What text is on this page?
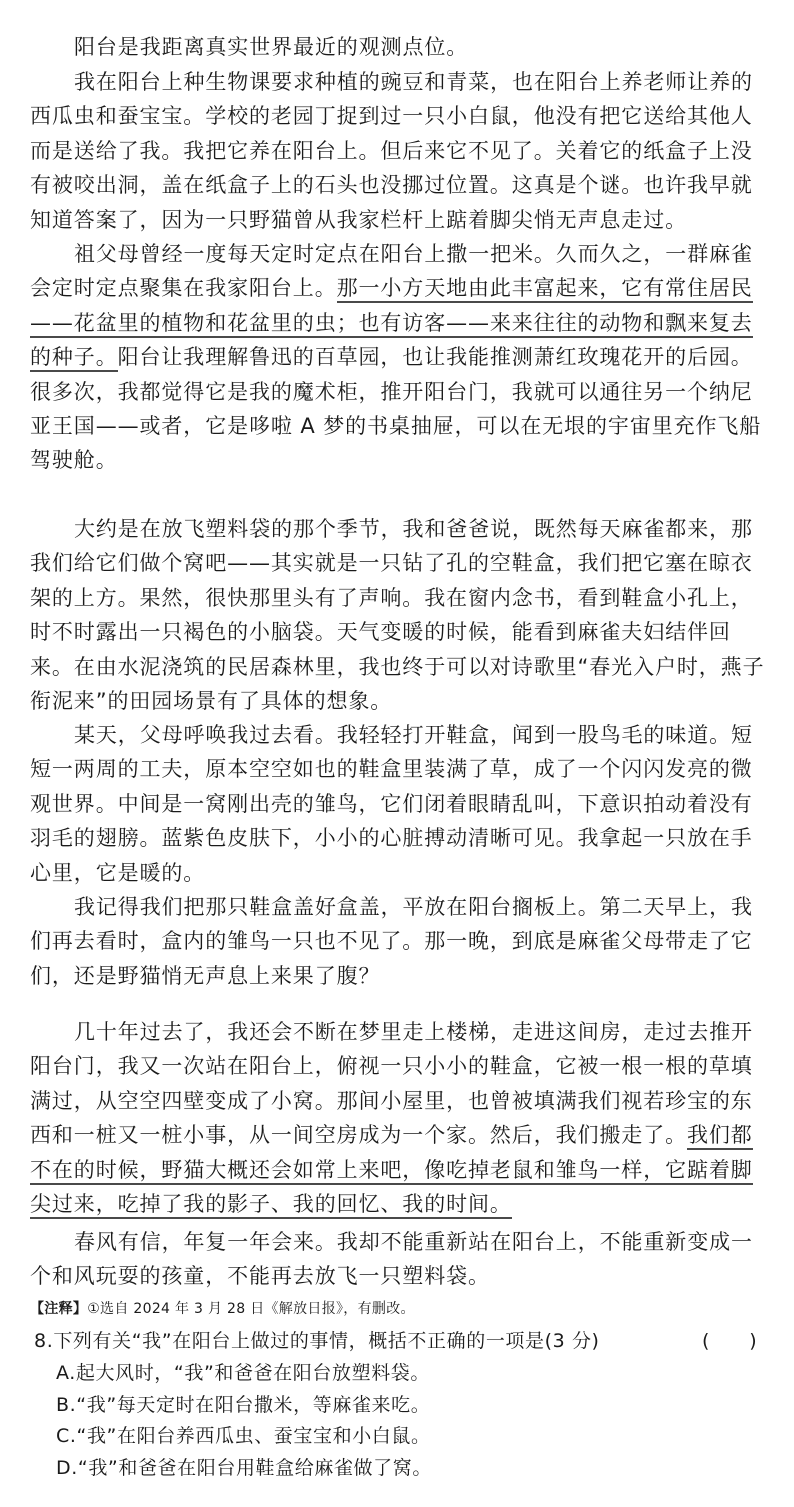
阳台是我距离真实世界最近的观测点位。

我在阳台上种生物课要求种植的豌豆和青菜，也在阳台上养老师让养的西瓜虫和蚕宝宝。学校的老园丁捉到过一只小白鼠，他没有把它送给其他人而是送给了我。我把它养在阳台上。但后来它不见了。关着它的纸盒子上没有被咬出洞，盖在纸盒子上的石头也没挪过位置。这真是个谜。也许我早就知道答案了，因为一只野猫曾从我家栏杆上踮着脚尖悄无声息走过。

祖父母曾经一度每天定时定点在阳台上撒一把米。久而久之，一群麻雀会定时定点聚集在我家阳台上。那一小方天地由此丰富起来，它有常住居民——花盆里的植物和花盆里的虫；也有访客——来来往往的动物和飘来复去的种子。阳台让我理解鲁迅的百草园，也让我能推测萧红玫瑰花开的后园。很多次，我都觉得它是我的魔术柜，推开阳台门，我就可以通往另一个纳尼亚王国——或者，它是哆啦 A 梦的书桌抽屉，可以在无垠的宇宙里充作飞船驾驶舱。

大约是在放飞塑料袋的那个季节，我和爸爸说，既然每天麻雀都来，那我们给它们做个窝吧——其实就是一只钻了孔的空鞋盒，我们把它塞在晾衣架的上方。果然，很快那里头有了声响。我在窗内念书，看到鞋盒小孔上，时不时露出一只褐色的小脑袋。天气变暖的时候，能看到麻雀夫妇结伴回来。在由水泥浇筑的民居森林里，我也终于可以对诗歌里“春光入户时，燕子衔泥来”的田园场景有了具体的想象。

某天，父母呼唤我过去看。我轻轻打开鞋盒，闻到一股鸟毛的味道。短短一两周的工夫，原本空空如也的鞋盒里装满了草，成了一个闪闪发亮的微观世界。中间是一窝刚出壳的雏鸟，它们闭着眼睛乱叫，下意识拍动着没有羽毛的翅膀。蓝紫色皮肤下，小小的心脏搏动清晰可见。我拿起一只放在手心里，它是暖的。

我记得我们把那只鞋盒盖好盒盖，平放在阳台搁板上。第二天早上，我们再去看时，盒内的雏鸟一只也不见了。那一晚，到底是麻雀父母带走了它们，还是野猫悄无声息上来果了腹？

几十年过去了，我还会不断在梦里走上楼梯，走进这间房，走过去推开阳台门，我又一次站在阳台上，俯视一只小小的鞋盒，它被一根一根的草填满过，从空空四壁变成了小窝。那间小屋里，也曾被填满我们视若珍宝的东西和一桩又一桩小事，从一间空房成为一个家。然后，我们搬走了。我们都不在的时候，野猫大概还会如常上来吧，像吃掉老鼠和雏鸟一样，它踮着脚尖过来，吃掉了我的影子、我的回忆、我的时间。

春风有信，年复一年会来。我却不能重新站在阳台上，不能重新变成一个和风玩耍的孩童，不能再去放飞一只塑料袋。

【注释】①选自 2024 年 3 月 28 日《解放日报》，有删改。

8.下列有关“我”在阳台上做过的事情，概括不正确的一项是(3 分)	(　　)

A.起大风时，“我”和爸爸在阳台放塑料袋。

B.“我”每天定时在阳台撒米，等麻雀来吃。

C.“我”在阳台养西瓜虫、蚕宝宝和小白鼠。

D.“我”和爸爸在阳台用鞋盒给麻雀做了窝。
